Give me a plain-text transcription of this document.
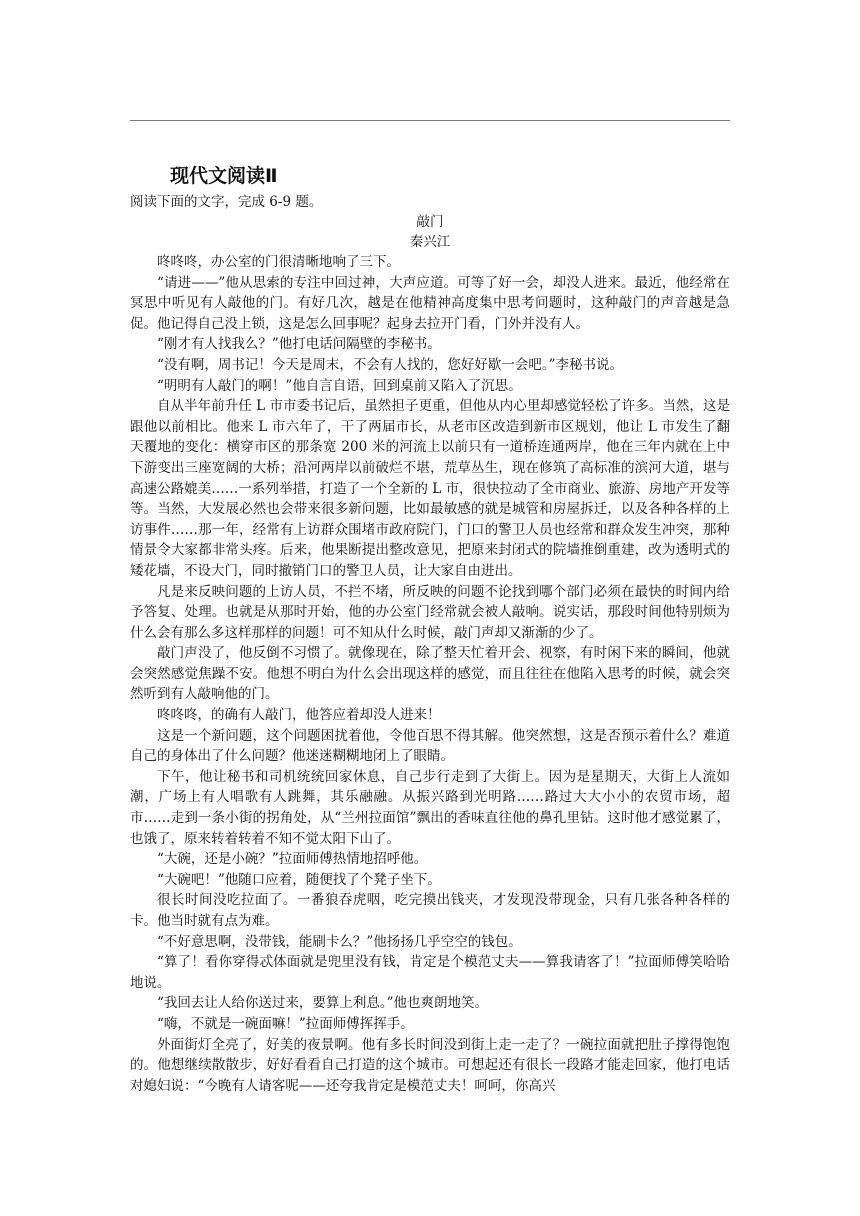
现代文阅读Ⅱ
阅读下面的文字，完成 6-9 题。
敲门
秦兴江

咚咚咚，办公室的门很清晰地响了三下。

“请进——”他从思索的专注中回过神，大声应道。可等了好一会，却没人进来。最近，他经常在冥思中听见有人敲他的门。有好几次，越是在他精神高度集中思考问题时，这种敲门的声音越是急促。他记得自己没上锁，这是怎么回事呢？起身去拉开门看，门外并没有人。

“刚才有人找我么？”他打电话问隔壁的李秘书。

“没有啊，周书记！今天是周末，不会有人找的，您好好歇一会吧。”李秘书说。

“明明有人敲门的啊！”他自言自语，回到桌前又陷入了沉思。

自从半年前升任 L 市市委书记后，虽然担子更重，但他从内心里却感觉轻松了许多。当然，这是跟他以前相比。他来 L 市六年了，干了两届市长，从老市区改造到新市区规划，他让 L 市发生了翻天覆地的变化：横穿市区的那条宽 200 米的河流上以前只有一道桥连通两岸，他在三年内就在上中下游变出三座宽阔的大桥；沿河两岸以前破烂不堪，荒草丛生，现在修筑了高标准的滨河大道，堪与高速公路媲美……一系列举措，打造了一个全新的 L 市，很快拉动了全市商业、旅游、房地产开发等等。当然，大发展必然也会带来很多新问题，比如最敏感的就是城管和房屋拆迁，以及各种各样的上访事件……那一年，经常有上访群众围堵市政府院门，门口的警卫人员也经常和群众发生冲突，那种情景令大家都非常头疼。后来，他果断提出整改意见，把原来封闭式的院墙推倒重建，改为透明式的矮花墙，不设大门，同时撤销门口的警卫人员，让大家自由进出。

凡是来反映问题的上访人员，不拦不堵，所反映的问题不论找到哪个部门必须在最快的时间内给予答复、处理。也就是从那时开始，他的办公室门经常就会被人敲响。说实话，那段时间他特别烦为什么会有那么多这样那样的问题！可不知从什么时候，敲门声却又渐渐的少了。

敲门声没了，他反倒不习惯了。就像现在，除了整天忙着开会、视察，有时闲下来的瞬间，他就会突然感觉焦躁不安。他想不明白为什么会出现这样的感觉，而且往往在他陷入思考的时候，就会突然听到有人敲响他的门。

咚咚咚，的确有人敲门，他答应着却没人进来！

这是一个新问题，这个问题困扰着他，令他百思不得其解。他突然想，这是否预示着什么？难道自己的身体出了什么问题？他迷迷糊糊地闭上了眼睛。

下午，他让秘书和司机统统回家休息，自己步行走到了大街上。因为是星期天，大街上人流如潮，广场上有人唱歌有人跳舞，其乐融融。从振兴路到光明路……路过大大小小的农贸市场，超市……走到一条小街的拐角处，从“兰州拉面馆”飘出的香味直往他的鼻孔里钻。这时他才感觉累了，也饿了，原来转着转着不知不觉太阳下山了。

“大碗，还是小碗？”拉面师傅热情地招呼他。

“大碗吧！”他随口应着，随便找了个凳子坐下。

很长时间没吃拉面了。一番狼吞虎咽，吃完摸出钱夹，才发现没带现金，只有几张各种各样的卡。他当时就有点为难。

“不好意思啊，没带钱，能刷卡么？”他扬扬几乎空空的钱包。

“算了！看你穿得忒体面就是兜里没有钱，肯定是个模范丈夫——算我请客了！”拉面师傅笑哈哈地说。

“我回去让人给你送过来，要算上利息。”他也爽朗地笑。

“嗨，不就是一碗面嘛！”拉面师傅挥挥手。

外面街灯全亮了，好美的夜景啊。他有多长时间没到街上走一走了？一碗拉面就把肚子撑得饱饱的。他想继续散散步，好好看看自己打造的这个城市。可想起还有很长一段路才能走回家，他打电话对媳妇说：“今晚有人请客呢——还夸我肯定是模范丈夫！呵呵，你高兴
